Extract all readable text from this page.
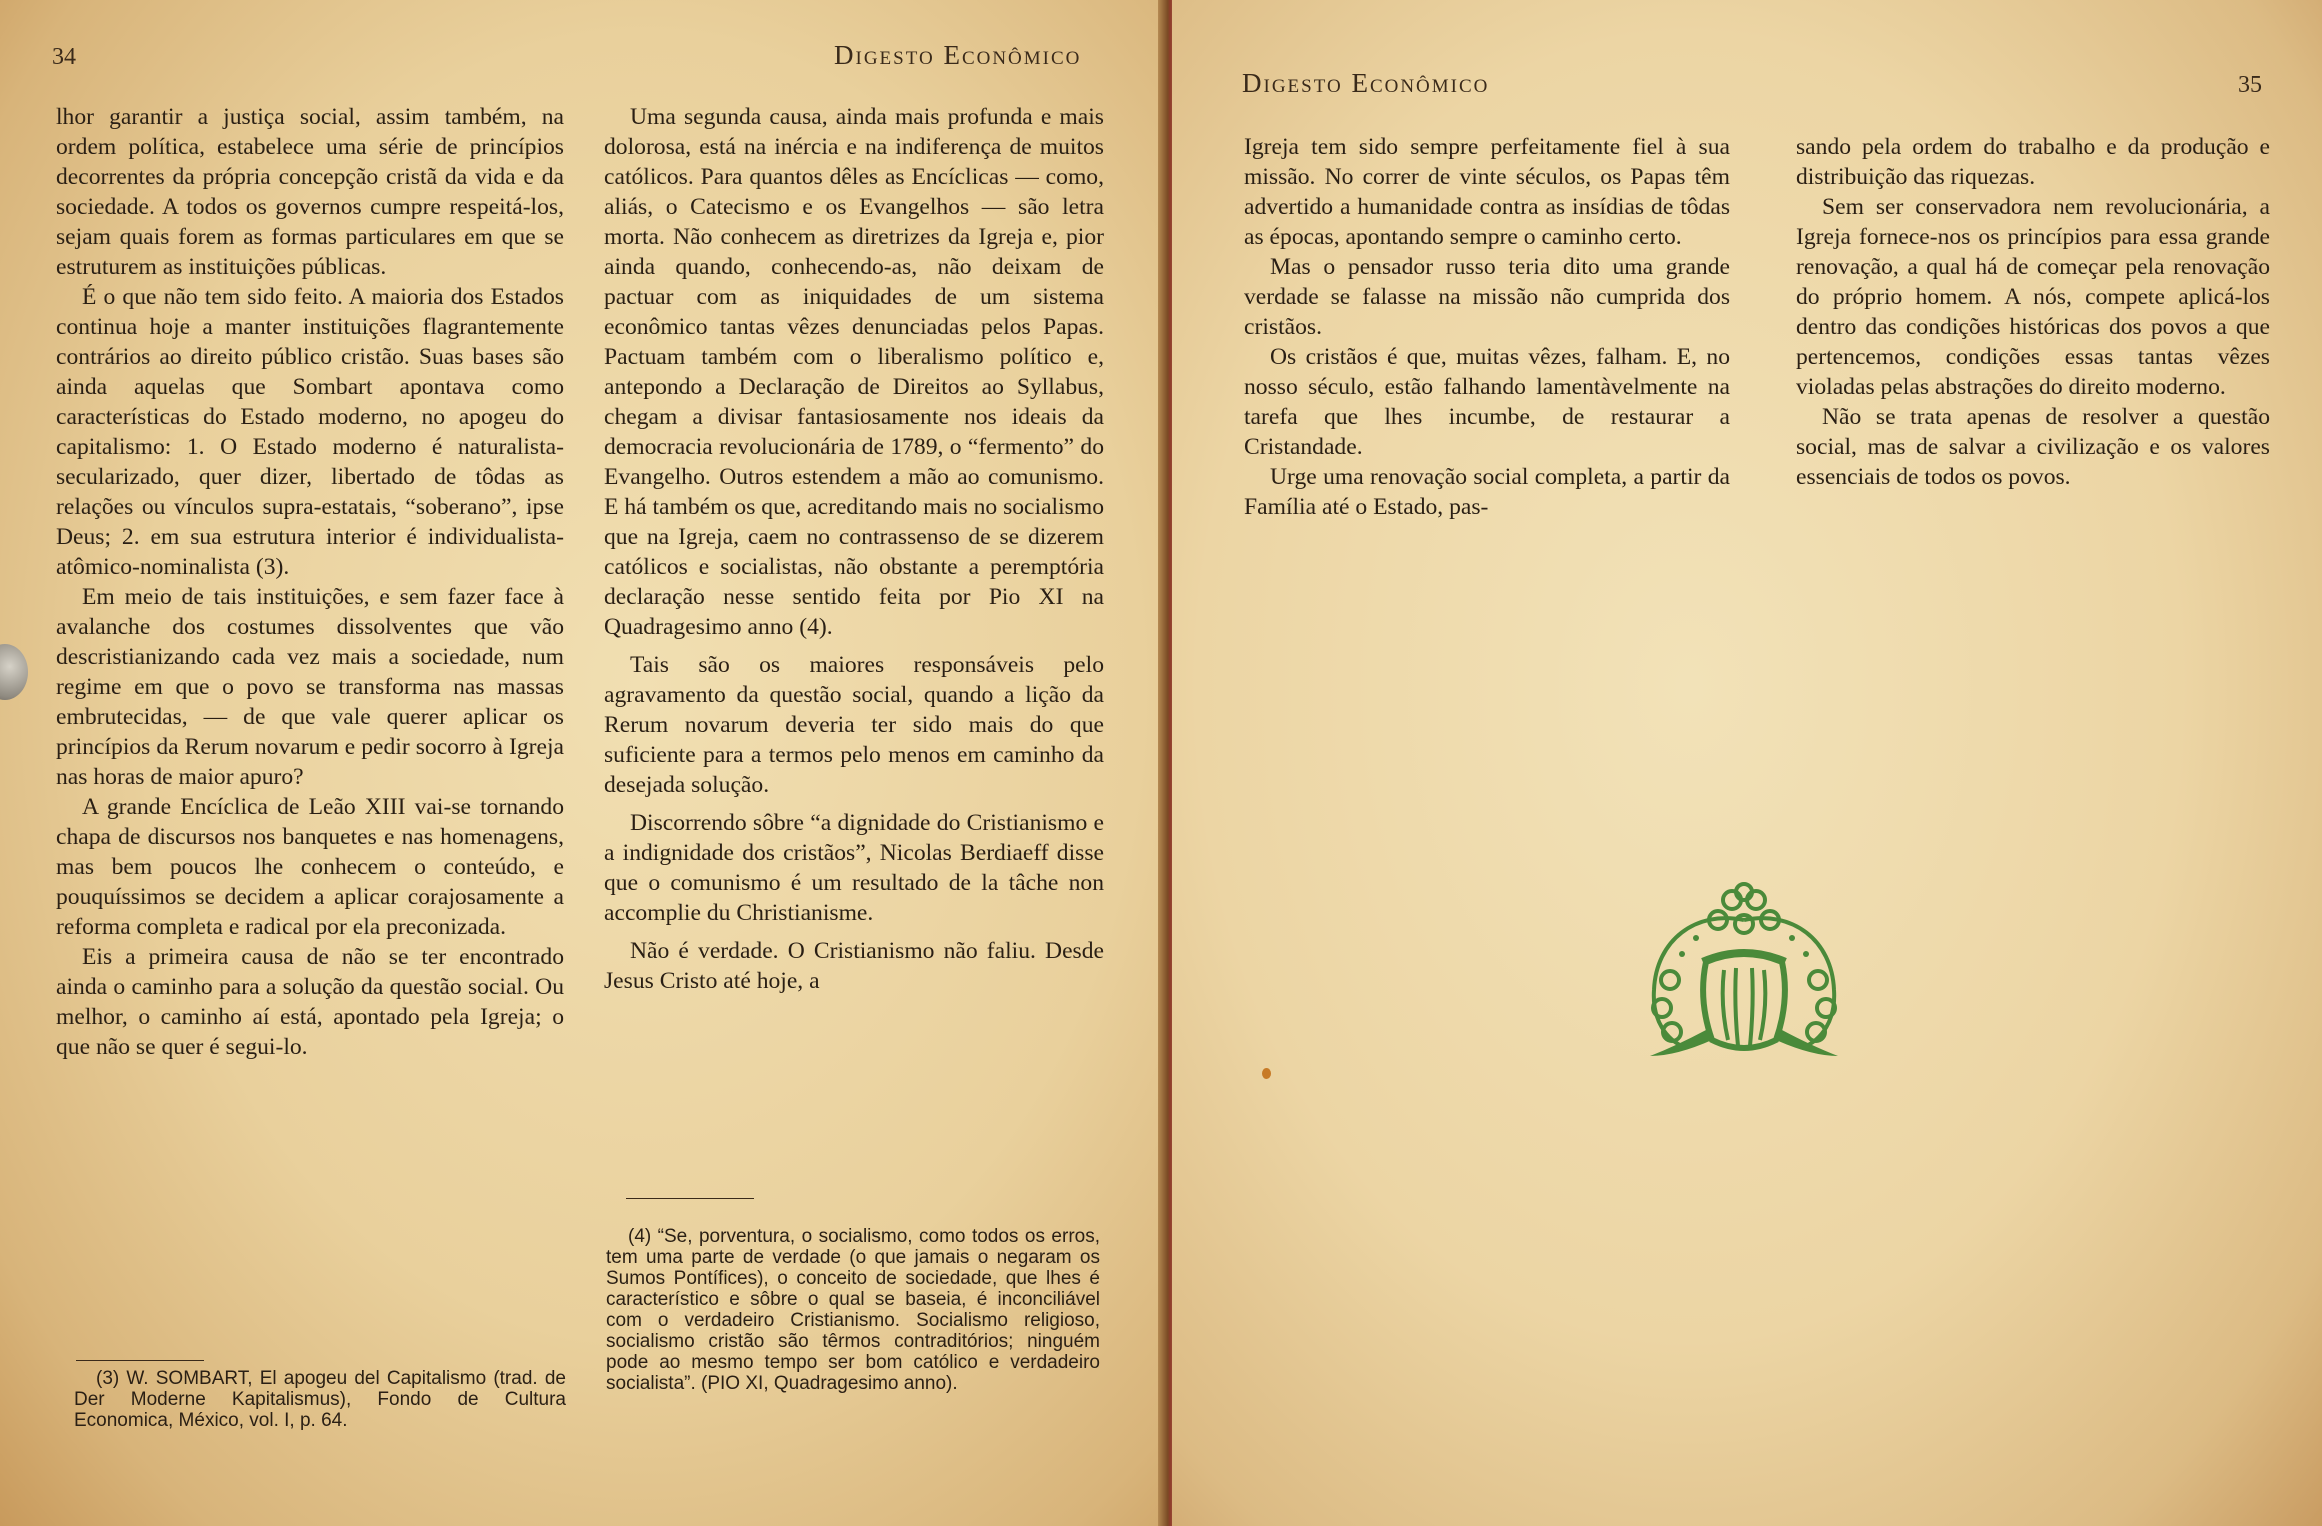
34	Digesto Econômico

lhor garantir a justiça social, assim também, na ordem política, estabelece uma série de princípios decorrentes da própria concepção cristã da vida e da sociedade. A todos os governos cumpre respeitá-los, sejam quais forem as formas particulares em que se estruturem as instituições públicas.

É o que não tem sido feito. A maioria dos Estados continua hoje a manter instituições flagrantemente contrários ao direito público cristão. Suas bases são ainda aquelas que Sombart apontava como características do Estado moderno, no apogeu do capitalismo: 1. O Estado moderno é naturalista-secularizado, quer dizer, libertado de tôdas as relações ou vínculos supra-estatais, “soberano”, ipse Deus; 2. em sua estrutura interior é individualista-atômico-nominalista (3).

Em meio de tais instituições, e sem fazer face à avalanche dos costumes dissolventes que vão descristianizando cada vez mais a sociedade, num regime em que o povo se transforma nas massas embrutecidas, — de que vale querer aplicar os princípios da Rerum novarum e pedir socorro à Igreja nas horas de maior apuro?

A grande Encíclica de Leão XIII vai-se tornando chapa de discursos nos banquetes e nas homenagens, mas bem poucos lhe conhecem o conteúdo, e pouquíssimos se decidem a aplicar corajosamente a reforma completa e radical por ela preconizada.

Eis a primeira causa de não se ter encontrado ainda o caminho para a solução da questão social. Ou melhor, o caminho aí está, apontado pela Igreja; o que não se quer é segui-lo.

(3) W. SOMBART, El apogeu del Capitalismo (trad. de Der Moderne Kapitalismus), Fondo de Cultura Economica, México, vol. I, p. 64.

Uma segunda causa, ainda mais profunda e mais dolorosa, está na inércia e na indiferença de muitos católicos. Para quantos dêles as Encíclicas — como, aliás, o Catecismo e os Evangelhos — são letra morta. Não conhecem as diretrizes da Igreja e, pior ainda quando, conhecendo-as, não deixam de pactuar com as iniquidades de um sistema econômico tantas vêzes denunciadas pelos Papas. Pactuam também com o liberalismo político e, antepondo a Declaração de Direitos ao Syllabus, chegam a divisar fantasiosamente nos ideais da democracia revolucionária de 1789, o “fermento” do Evangelho. Outros estendem a mão ao comunismo. E há também os que, acreditando mais no socialismo que na Igreja, caem no contrassenso de se dizerem católicos e socialistas, não obstante a peremptória declaração nesse sentido feita por Pio XI na Quadragesimo anno (4).

Tais são os maiores responsáveis pelo agravamento da questão social, quando a lição da Rerum novarum deveria ter sido mais do que suficiente para a termos pelo menos em caminho da desejada solução.

Discorrendo sôbre “a dignidade do Cristianismo e a indignidade dos cristãos”, Nicolas Berdiaeff disse que o comunismo é um resultado de la tâche non accomplie du Christianisme.

Não é verdade. O Cristianismo não faliu. Desde Jesus Cristo até hoje, a

(4) “Se, porventura, o socialismo, como todos os erros, tem uma parte de verdade (o que jamais o negaram os Sumos Pontífices), o conceito de sociedade, que lhes é característico e sôbre o qual se baseia, é inconciliável com o verdadeiro Cristianismo. Socialismo religioso, socialismo cristão são têrmos contraditórios; ninguém pode ao mesmo tempo ser bom católico e verdadeiro socialista”. (PIO XI, Quadragesimo anno).

Digesto Econômico	35

Igreja tem sido sempre perfeitamente fiel à sua missão. No correr de vinte séculos, os Papas têm advertido a humanidade contra as insídias de tôdas as épocas, apontando sempre o caminho certo.

Mas o pensador russo teria dito uma grande verdade se falasse na missão não cumprida dos cristãos.

Os cristãos é que, muitas vêzes, falham. E, no nosso século, estão falhando lamentàvelmente na tarefa que lhes incumbe, de restaurar a Cristandade.

Urge uma renovação social completa, a partir da Família até o Estado, pas-

sando pela ordem do trabalho e da produção e distribuição das riquezas.

Sem ser conservadora nem revolucionária, a Igreja fornece-nos os princípios para essa grande renovação, a qual há de começar pela renovação do próprio homem. A nós, compete aplicá-los dentro das condições históricas dos povos a que pertencemos, condições essas tantas vêzes violadas pelas abstrações do direito moderno.

Não se trata apenas de resolver a questão social, mas de salvar a civilização e os valores essenciais de todos os povos.
